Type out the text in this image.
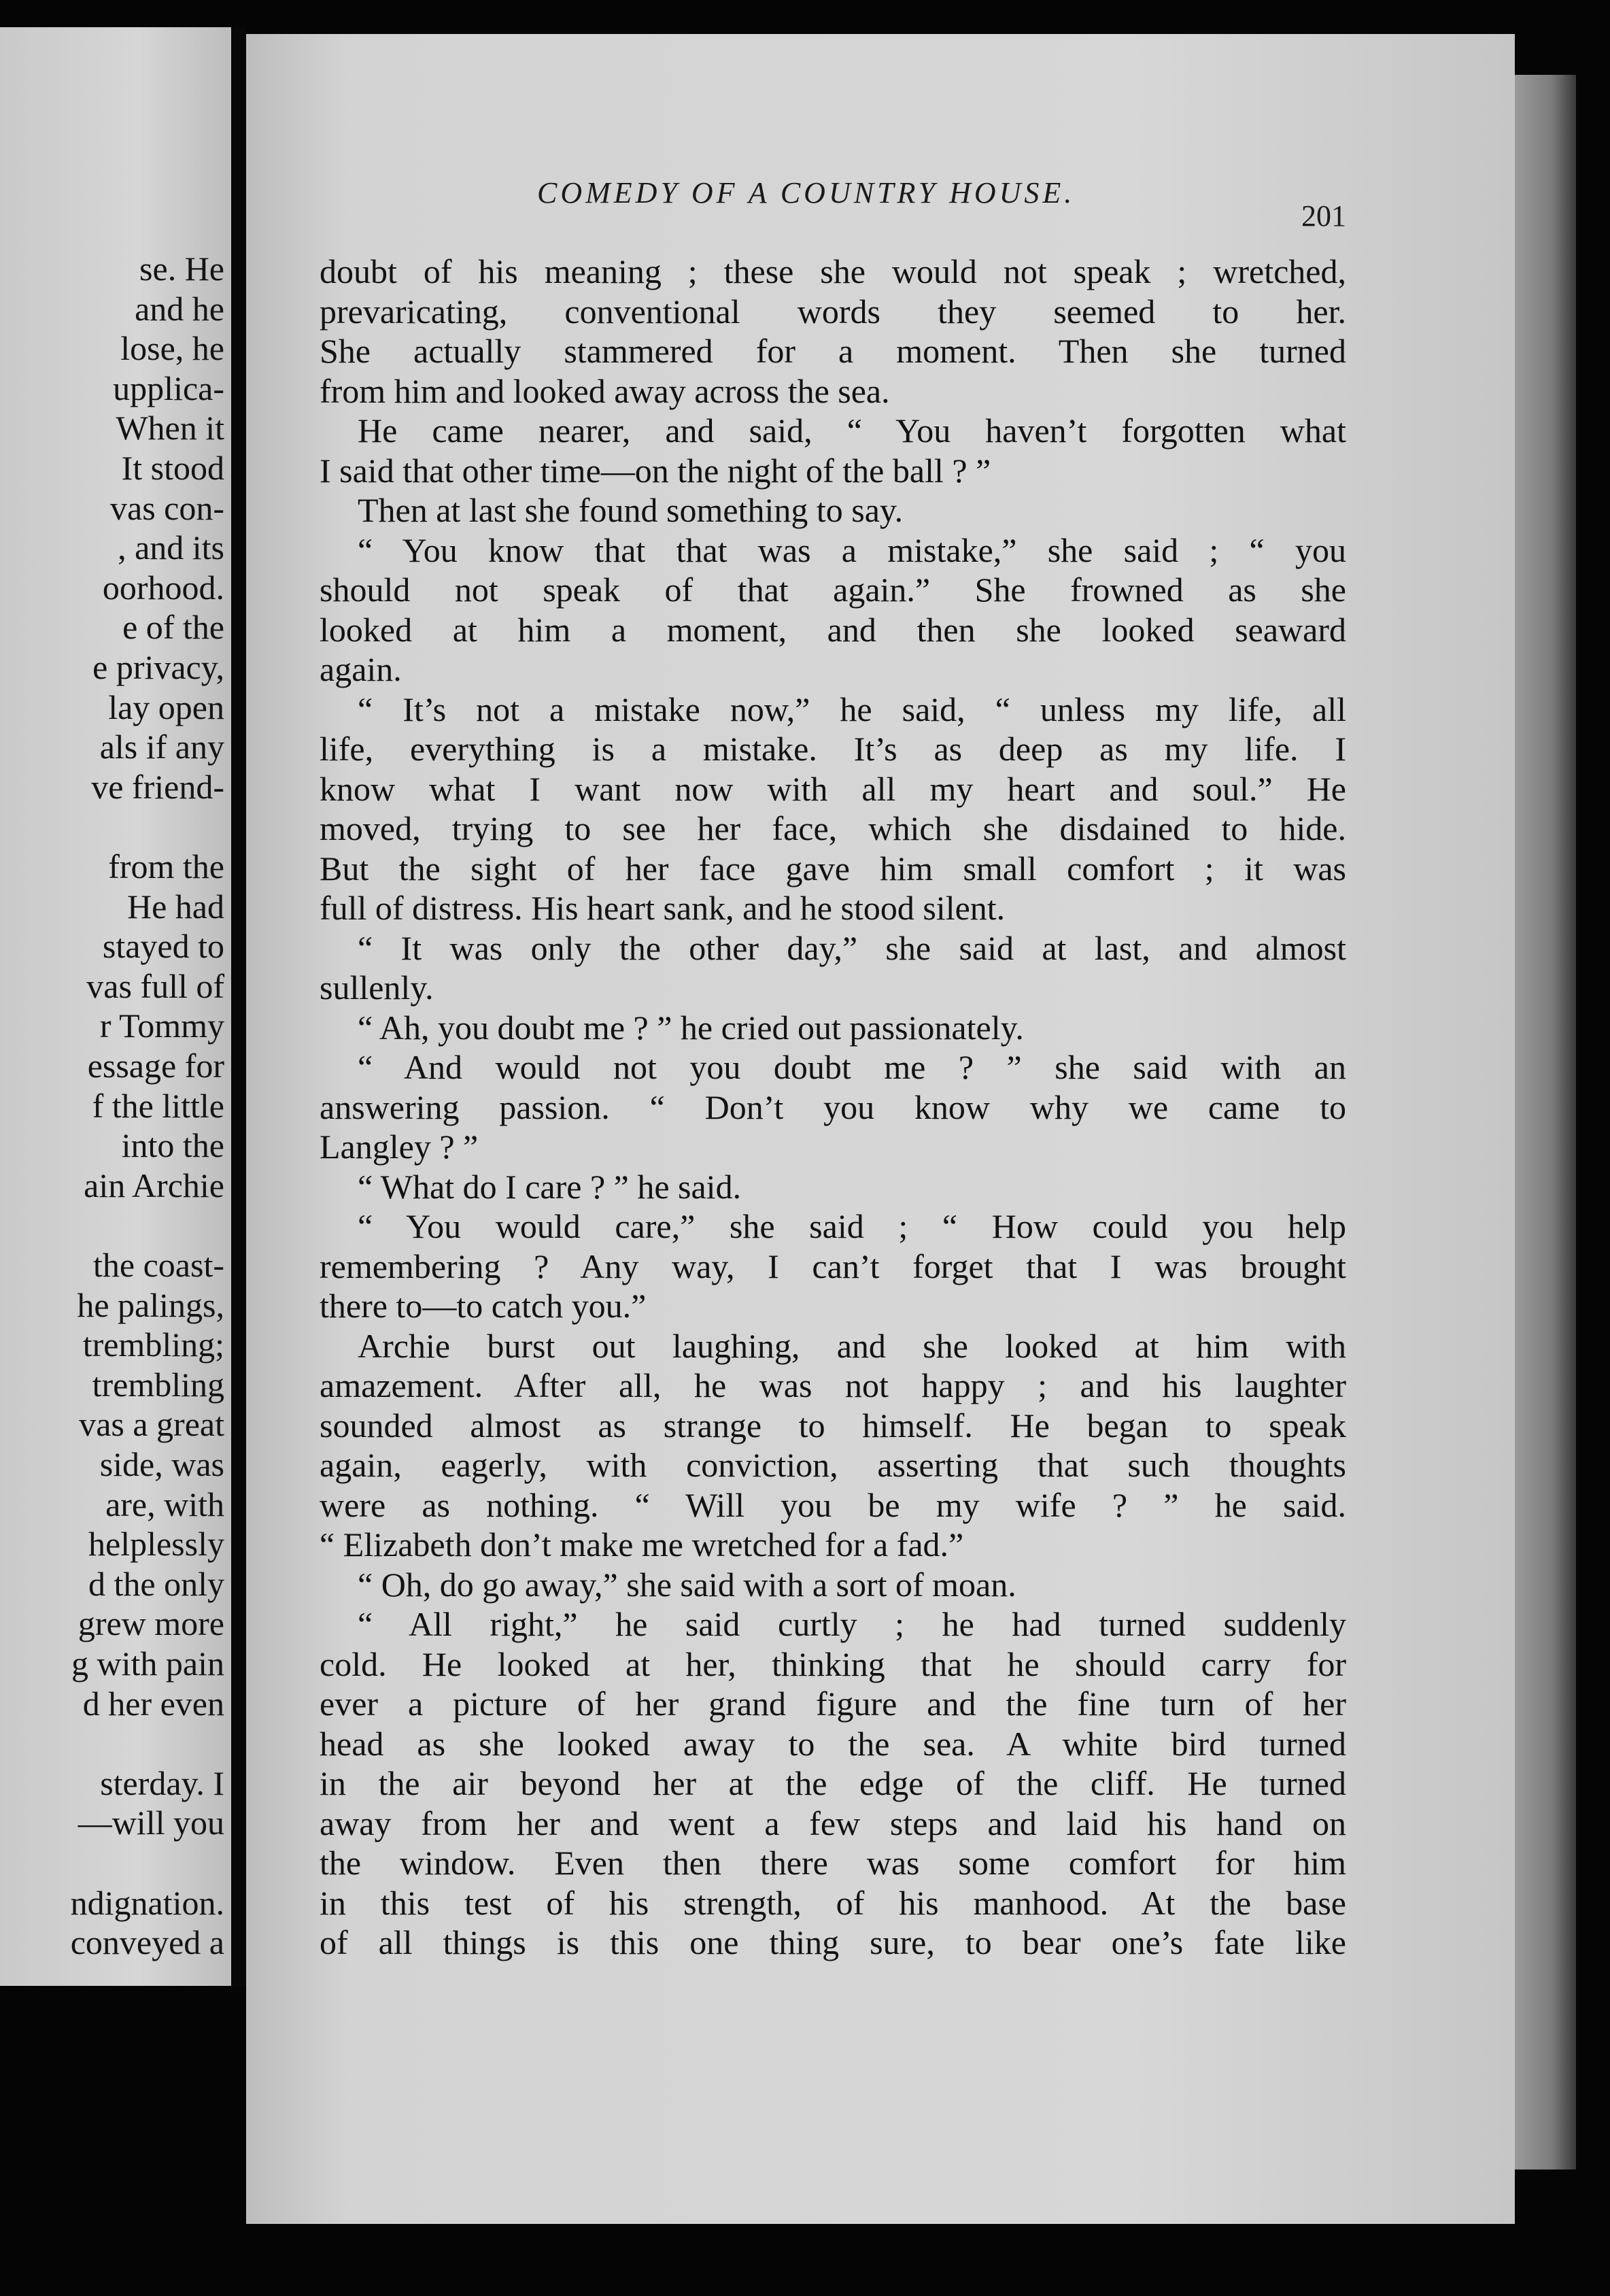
se. He
and he
lose, he
upplica-
When it
It stood
vas con-
, and its
oorhood.
e of the
e privacy,
lay open
als if any
ve friend-
from the
He had
stayed to
vas full of
r Tommy
essage for
f the little
into the
ain Archie
the coast-
he palings,
trembling;
trembling
vas a great
side, was
are, with
helplessly
d the only
grew more
g with pain
d her even
sterday. I
—will you
ndignation.
conveyed a
COMEDY OF A COUNTRY HOUSE.
201
doubt of his meaning ; these she would not speak ; wretched,
prevaricating, conventional words they seemed to her.
She actually stammered for a moment. Then she turned
from him and looked away across the sea.
He came nearer, and said, “ You haven’t forgotten what
I said that other time—on the night of the ball ? ”
Then at last she found something to say.
“ You know that that was a mistake,” she said ; “ you
should not speak of that again.” She frowned as she
looked at him a moment, and then she looked seaward
again.
“ It’s not a mistake now,” he said, “ unless my life, all
life, everything is a mistake. It’s as deep as my life. I
know what I want now with all my heart and soul.” He
moved, trying to see her face, which she disdained to hide.
But the sight of her face gave him small comfort ; it was
full of distress. His heart sank, and he stood silent.
“ It was only the other day,” she said at last, and almost
sullenly.
“ Ah, you doubt me ? ” he cried out passionately.
“ And would not you doubt me ? ” she said with an
answering passion. “ Don’t you know why we came to
Langley ? ”
“ What do I care ? ” he said.
“ You would care,” she said ; “ How could you help
remembering ? Any way, I can’t forget that I was brought
there to—to catch you.”
Archie burst out laughing, and she looked at him with
amazement. After all, he was not happy ; and his laughter
sounded almost as strange to himself. He began to speak
again, eagerly, with conviction, asserting that such thoughts
were as nothing. “ Will you be my wife ? ” he said.
“ Elizabeth don’t make me wretched for a fad.”
“ Oh, do go away,” she said with a sort of moan.
“ All right,” he said curtly ; he had turned suddenly
cold. He looked at her, thinking that he should carry for
ever a picture of her grand figure and the fine turn of her
head as she looked away to the sea. A white bird turned
in the air beyond her at the edge of the cliff. He turned
away from her and went a few steps and laid his hand on
the window. Even then there was some comfort for him
in this test of his strength, of his manhood. At the base
of all things is this one thing sure, to bear one’s fate like
